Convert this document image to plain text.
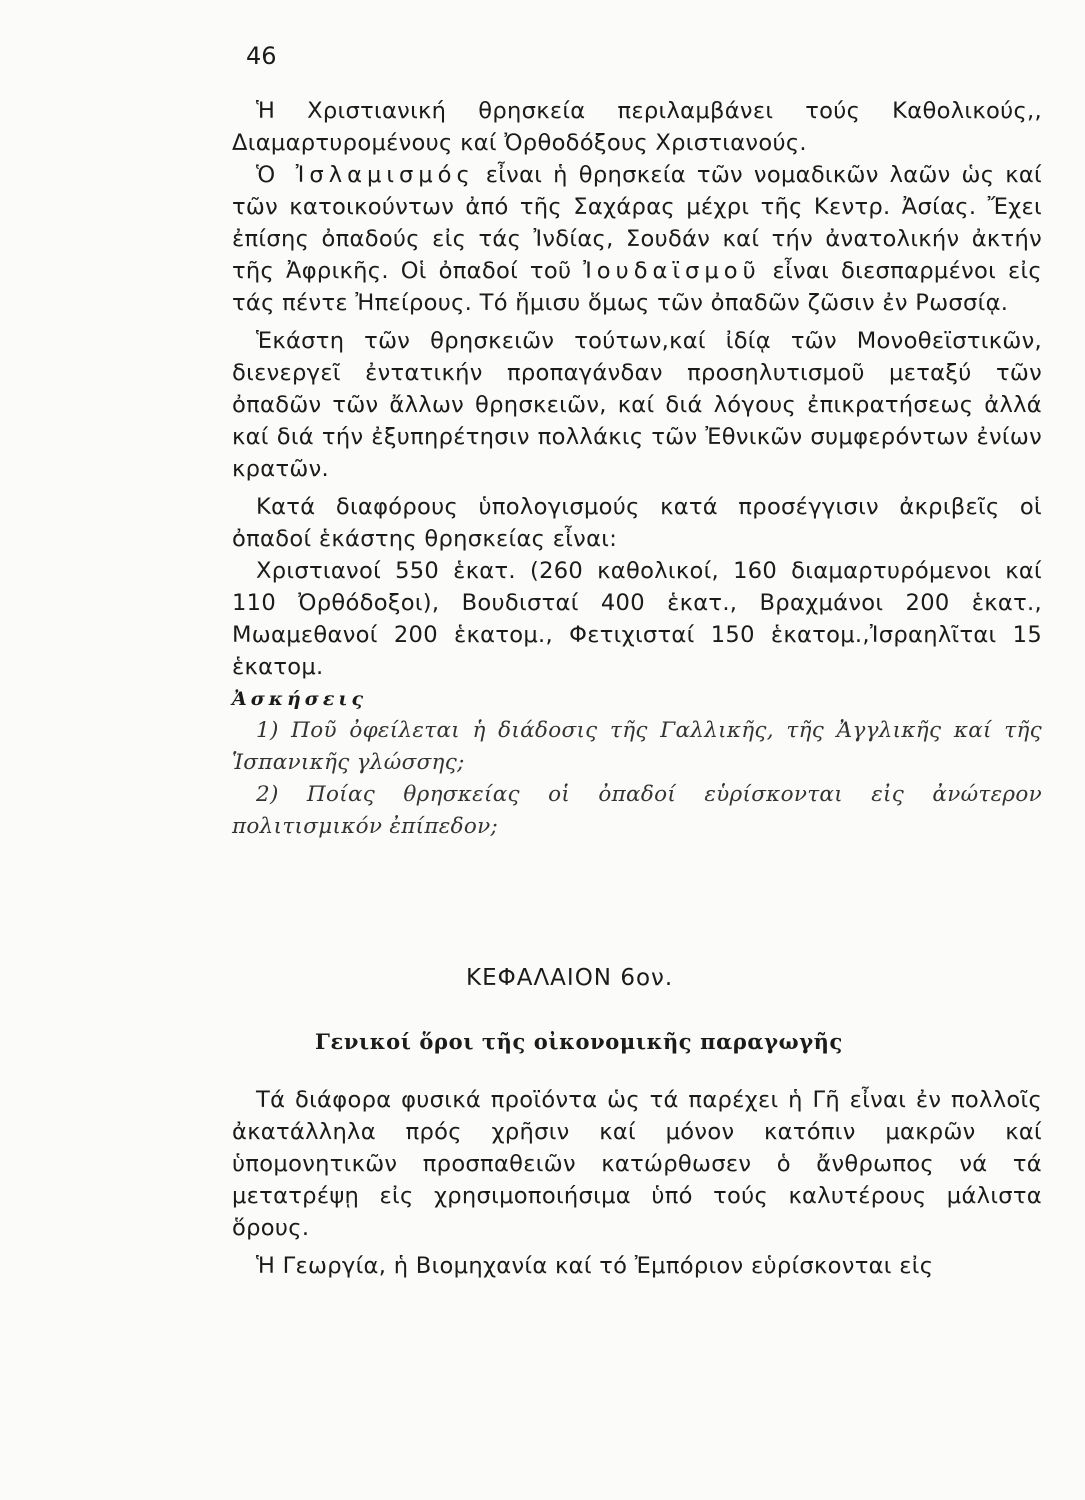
46

Ἡ Χριστιανική θρησκεία περιλαμβάνει τούς Καθολικούς,, Διαμαρτυρομένους καί Ὀρθοδόξους Χριστιανούς.

Ὁ Ἰσλαμισμός εἶναι ἡ θρησκεία τῶν νομαδικῶν λαῶν ὡς καί τῶν κατοικούντων ἀπό τῆς Σαχάρας μέχρι τῆς Κεντρ. Ἀσίας. Ἔχει ἐπίσης ὀπαδούς εἰς τάς Ἰνδίας, Σουδάν καί τήν ἀνατολικήν ἀκτήν τῆς Ἀφρικῆς. Οἱ ὀπαδοί τοῦ Ἰουδαϊσμοῦ εἶναι διεσπαρμένοι εἰς τάς πέντε Ἠπείρους. Τό ἥμισυ ὅμως τῶν ὀπαδῶν ζῶσιν ἐν Ρωσσίᾳ.

Ἑκάστη τῶν θρησκειῶν τούτων,καί ἰδίᾳ τῶν Μονοθεϊστικῶν, διενεργεῖ ἐντατικήν προπαγάνδαν προσηλυτισμοῦ μεταξύ τῶν ὀπαδῶν τῶν ἄλλων θρησκειῶν, καί διά λόγους ἐπικρατήσεως ἀλλά καί διά τήν ἐξυπηρέτησιν πολλάκις τῶν Ἐθνικῶν συμφερόντων ἐνίων κρατῶν.

Κατά διαφόρους ὑπολογισμούς κατά προσέγγισιν ἀκριβεῖς οἱ ὀπαδοί ἑκάστης θρησκείας εἶναι:

Χριστιανοί 550 ἑκατ. (260 καθολικοί, 160 διαμαρτυρόμενοι καί 110 Ὀρθόδοξοι), Βουδισταί 400 ἑκατ., Βραχμάνοι 200 ἑκατ., Μωαμεθανοί 200 ἑκατομ., Φετιχισταί 150 ἑκατομ.,Ἰσραηλῖται 15 ἑκατομ.

Ἀσκήσεις

1) Ποῦ ὀφείλεται ἡ διάδοσις τῆς Γαλλικῆς, τῆς Ἀγγλικῆς καί τῆς Ἱσπανικῆς γλώσσης;

2) Ποίας θρησκείας οἱ ὀπαδοί εὑρίσκονται εἰς ἀνώτερον πολιτισμικόν ἐπίπεδον;

ΚΕΦΑΛΑΙΟΝ 6ον.
Γενικοί ὅροι τῆς οἰκονομικῆς παραγωγῆς

Τά διάφορα φυσικά προϊόντα ὡς τά παρέχει ἡ Γῆ εἶναι ἐν πολλοῖς ἀκατάλληλα πρός χρῆσιν καί μόνον κατόπιν μακρῶν καί ὑπομονητικῶν προσπαθειῶν κατώρθωσεν ὁ ἄνθρωπος νά τά μετατρέψῃ εἰς χρησιμοποιήσιμα ὑπό τούς καλυτέρους μάλιστα ὅρους.

Ἡ Γεωργία, ἡ Βιομηχανία καί τό Ἐμπόριον εὑρίσκονται εἰς
